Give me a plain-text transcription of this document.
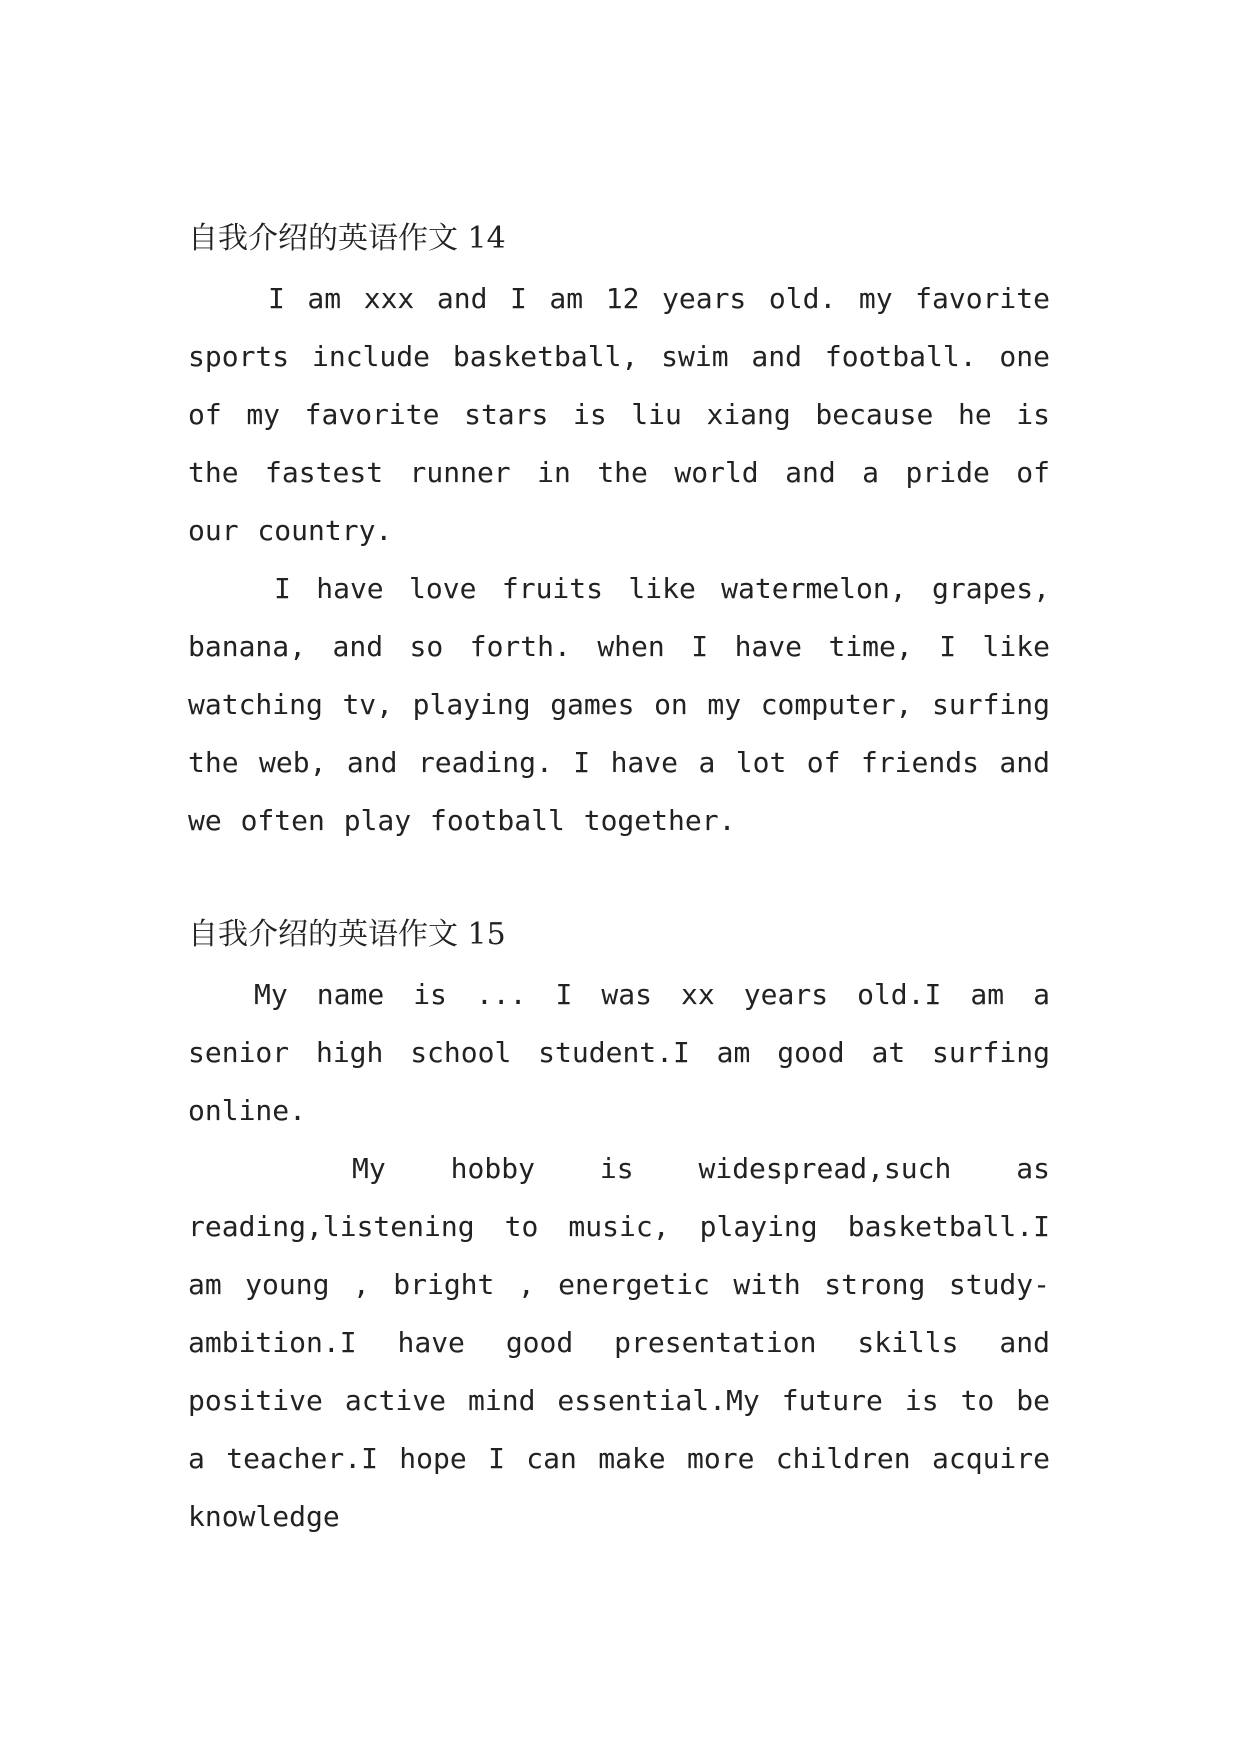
自我介绍的英语作文 14

I am xxx and I am 12 years old. my favorite sports include basketball, swim and football. one of my favorite stars is liu xiang because he is the fastest runner in the world and a pride of our country.

I have love fruits like watermelon, grapes, banana, and so forth. when I have time, I like watching tv, playing games on my computer, surfing the web, and reading. I have a lot of friends and we often play football together.

自我介绍的英语作文 15

My name is ... I was xx years old.I am a senior high school student.I am good at surfing online.

My hobby is widespread,such as reading,listening to music, playing basketball.I am young , bright , energetic with strong study-ambition.I have good presentation skills and positive active mind essential.My future is to be a teacher.I hope I can make more children acquire knowledge
